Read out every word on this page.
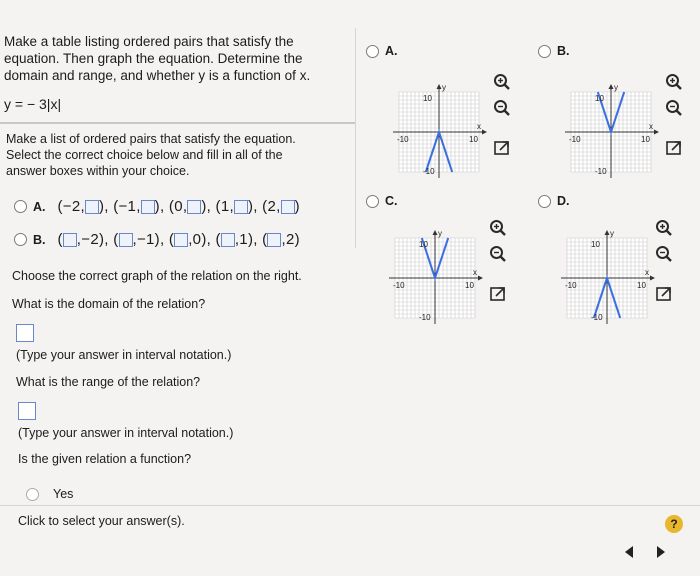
Make a table listing ordered pairs that satisfy the
equation. Then graph the equation. Determine the
domain and range, and whether y is a function of x.
y = − 3|x|
Make a list of ordered pairs that satisfy the equation.
Select the correct choice below and fill in all of the
answer boxes within your choice.
A. (−2, ), (−1, ), (0, ), (1, ), (2, )
B. ( ,−2), ( ,−1), ( ,0), ( ,1), ( ,2)
Choose the correct graph of the relation on the right.
What is the domain of the relation?
(Type your answer in interval notation.)
What is the range of the relation?
(Type your answer in interval notation.)
Is the given relation a function?
Yes
Click to select your answer(s).	?
A.
y
x
10
-10	10
-10
B.
y
x
10
-10	10
-10
C.
y
x
10
-10	10
-10
D.
y
x
10
-10	10
-10
